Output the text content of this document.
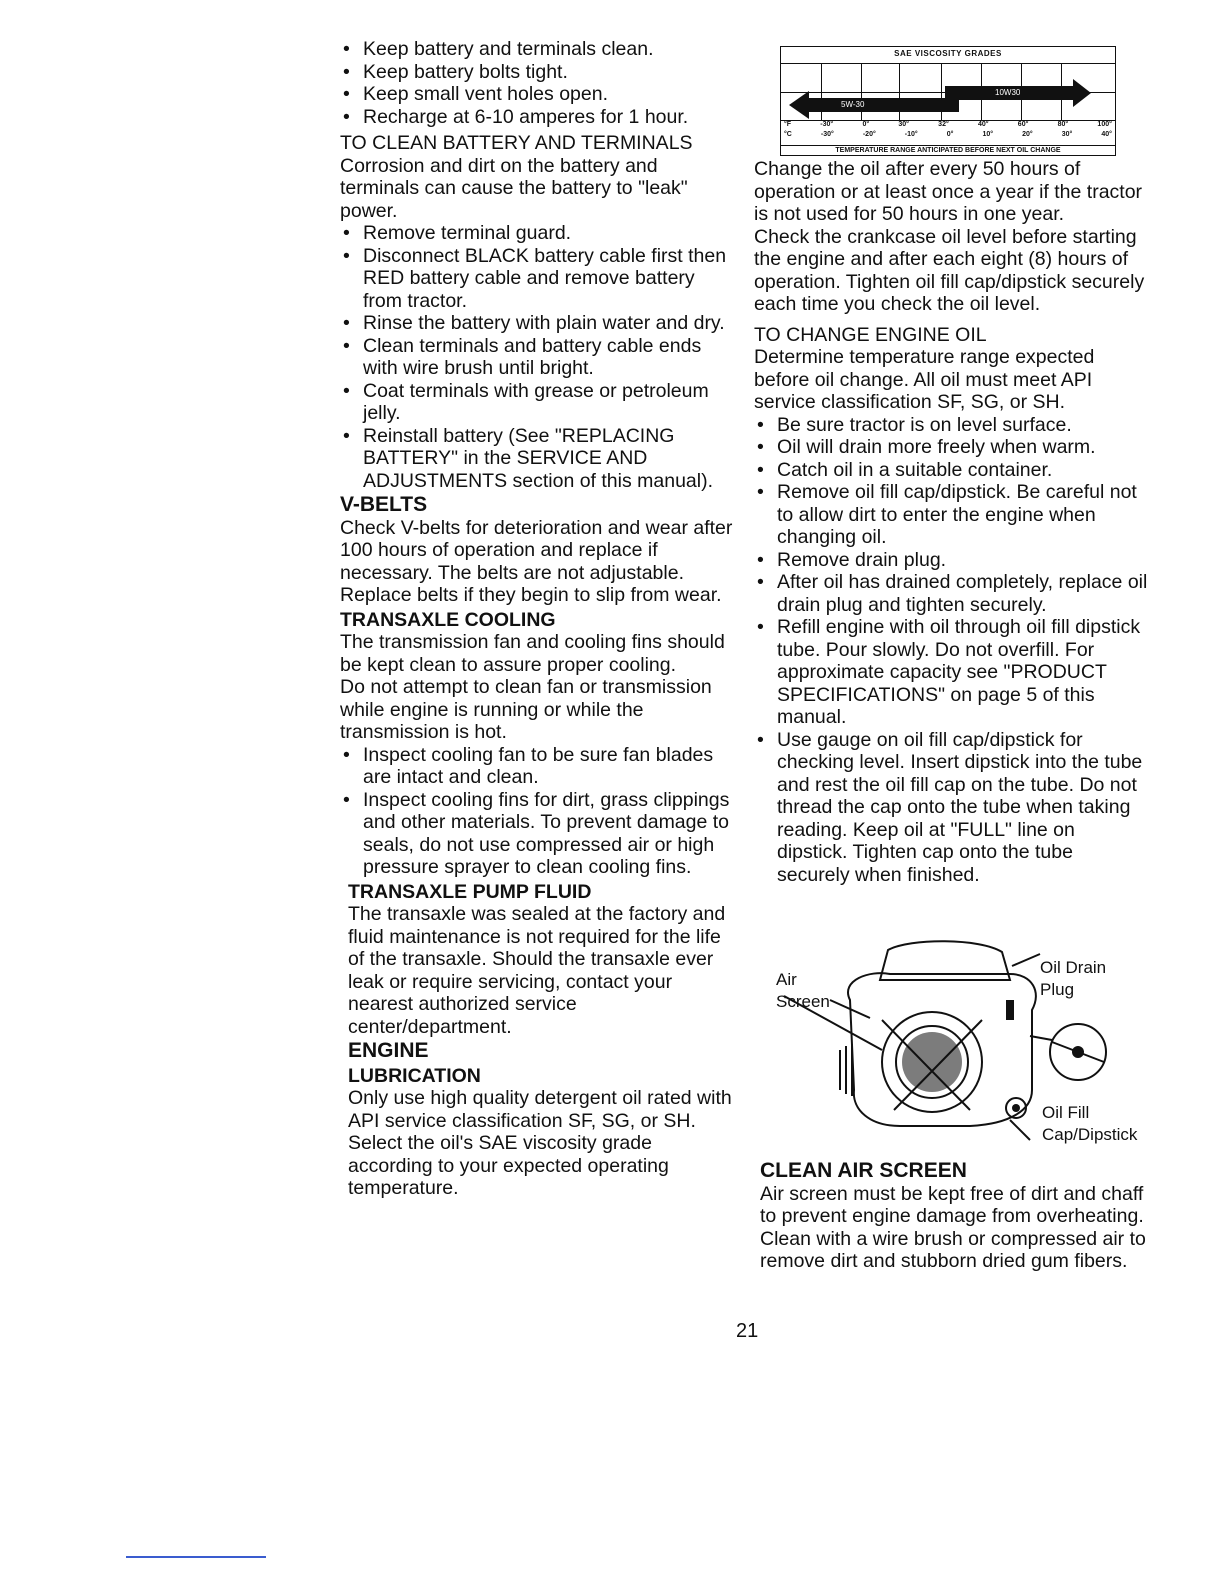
• Keep battery and terminals clean.
• Keep battery bolts tight.
• Keep small vent holes open.
• Recharge at 6-10 amperes for 1 hour.

TO CLEAN BATTERY AND TERMINALS

Corrosion and dirt on the battery and terminals can cause the battery to "leak" power.

• Remove terminal guard.
• Disconnect BLACK battery cable first then RED battery cable and remove battery from tractor.
• Rinse the battery with plain water and dry.
• Clean terminals and battery cable ends with wire brush until bright.
• Coat terminals with grease or petroleum jelly.
• Reinstall battery (See "REPLACING BATTERY" in the SERVICE AND ADJUSTMENTS section of this manual).

V-BELTS

Check V-belts for deterioration and wear after 100 hours of operation and replace if necessary. The belts are not adjustable. Replace belts if they begin to slip from wear.

TRANSAXLE COOLING

The transmission fan and cooling fins should be kept clean to assure proper cooling.

Do not attempt to clean fan or transmission while engine is running or while the transmission is hot.

• Inspect cooling fan to be sure fan blades are intact and clean.
• Inspect cooling fins for dirt, grass clippings and other materials. To prevent damage to seals, do not use compressed air or high pressure sprayer to clean cooling fins.

TRANSAXLE PUMP FLUID

The transaxle was sealed at the factory and fluid maintenance is not required for the life of the transaxle. Should the transaxle ever leak or require servicing, contact your nearest authorized service center/department.

ENGINE

LUBRICATION

Only use high quality detergent oil rated with API service classification SF, SG, or SH. Select the oil's SAE viscosity grade according to your expected operating temperature.

SAE VISCOSITY GRADES
5W-30
10W30
°F	-30°	0°	30°	32°	40°	60°	80°	100°
°C	-30°	-20°	-10°	0°	10°	20°	30°	40°
TEMPERATURE RANGE ANTICIPATED BEFORE NEXT OIL CHANGE

Change the oil after every 50 hours of operation or at least once a year if the tractor is not used for 50 hours in one year.

Check the crankcase oil level before starting the engine and after each eight (8) hours of operation. Tighten oil fill cap/dipstick securely each time you check the oil level.

TO CHANGE ENGINE OIL

Determine temperature range expected before oil change. All oil must meet API service classification SF, SG, or SH.

• Be sure tractor is on level surface.
• Oil will drain more freely when warm.
• Catch oil in a suitable container.
• Remove oil fill cap/dipstick. Be careful not to allow dirt to enter the engine when changing oil.
• Remove drain plug.
• After oil has drained completely, replace oil drain plug and tighten securely.
• Refill engine with oil through oil fill dipstick tube. Pour slowly. Do not overfill. For approximate capacity see "PRODUCT SPECIFICATIONS" on page 5 of this manual.
• Use gauge on oil fill cap/dipstick for checking level. Insert dipstick into the tube and rest the oil fill cap on the tube. Do not thread the cap onto the tube when taking reading. Keep oil at "FULL" line on dipstick. Tighten cap onto the tube securely when finished.
Air
Screen
Oil Drain
Plug
Oil Fill
Cap/Dipstick

CLEAN AIR SCREEN

Air screen must be kept free of dirt and chaff to prevent engine damage from overheating. Clean with a wire brush or compressed air to remove dirt and stubborn dried gum fibers.

21
